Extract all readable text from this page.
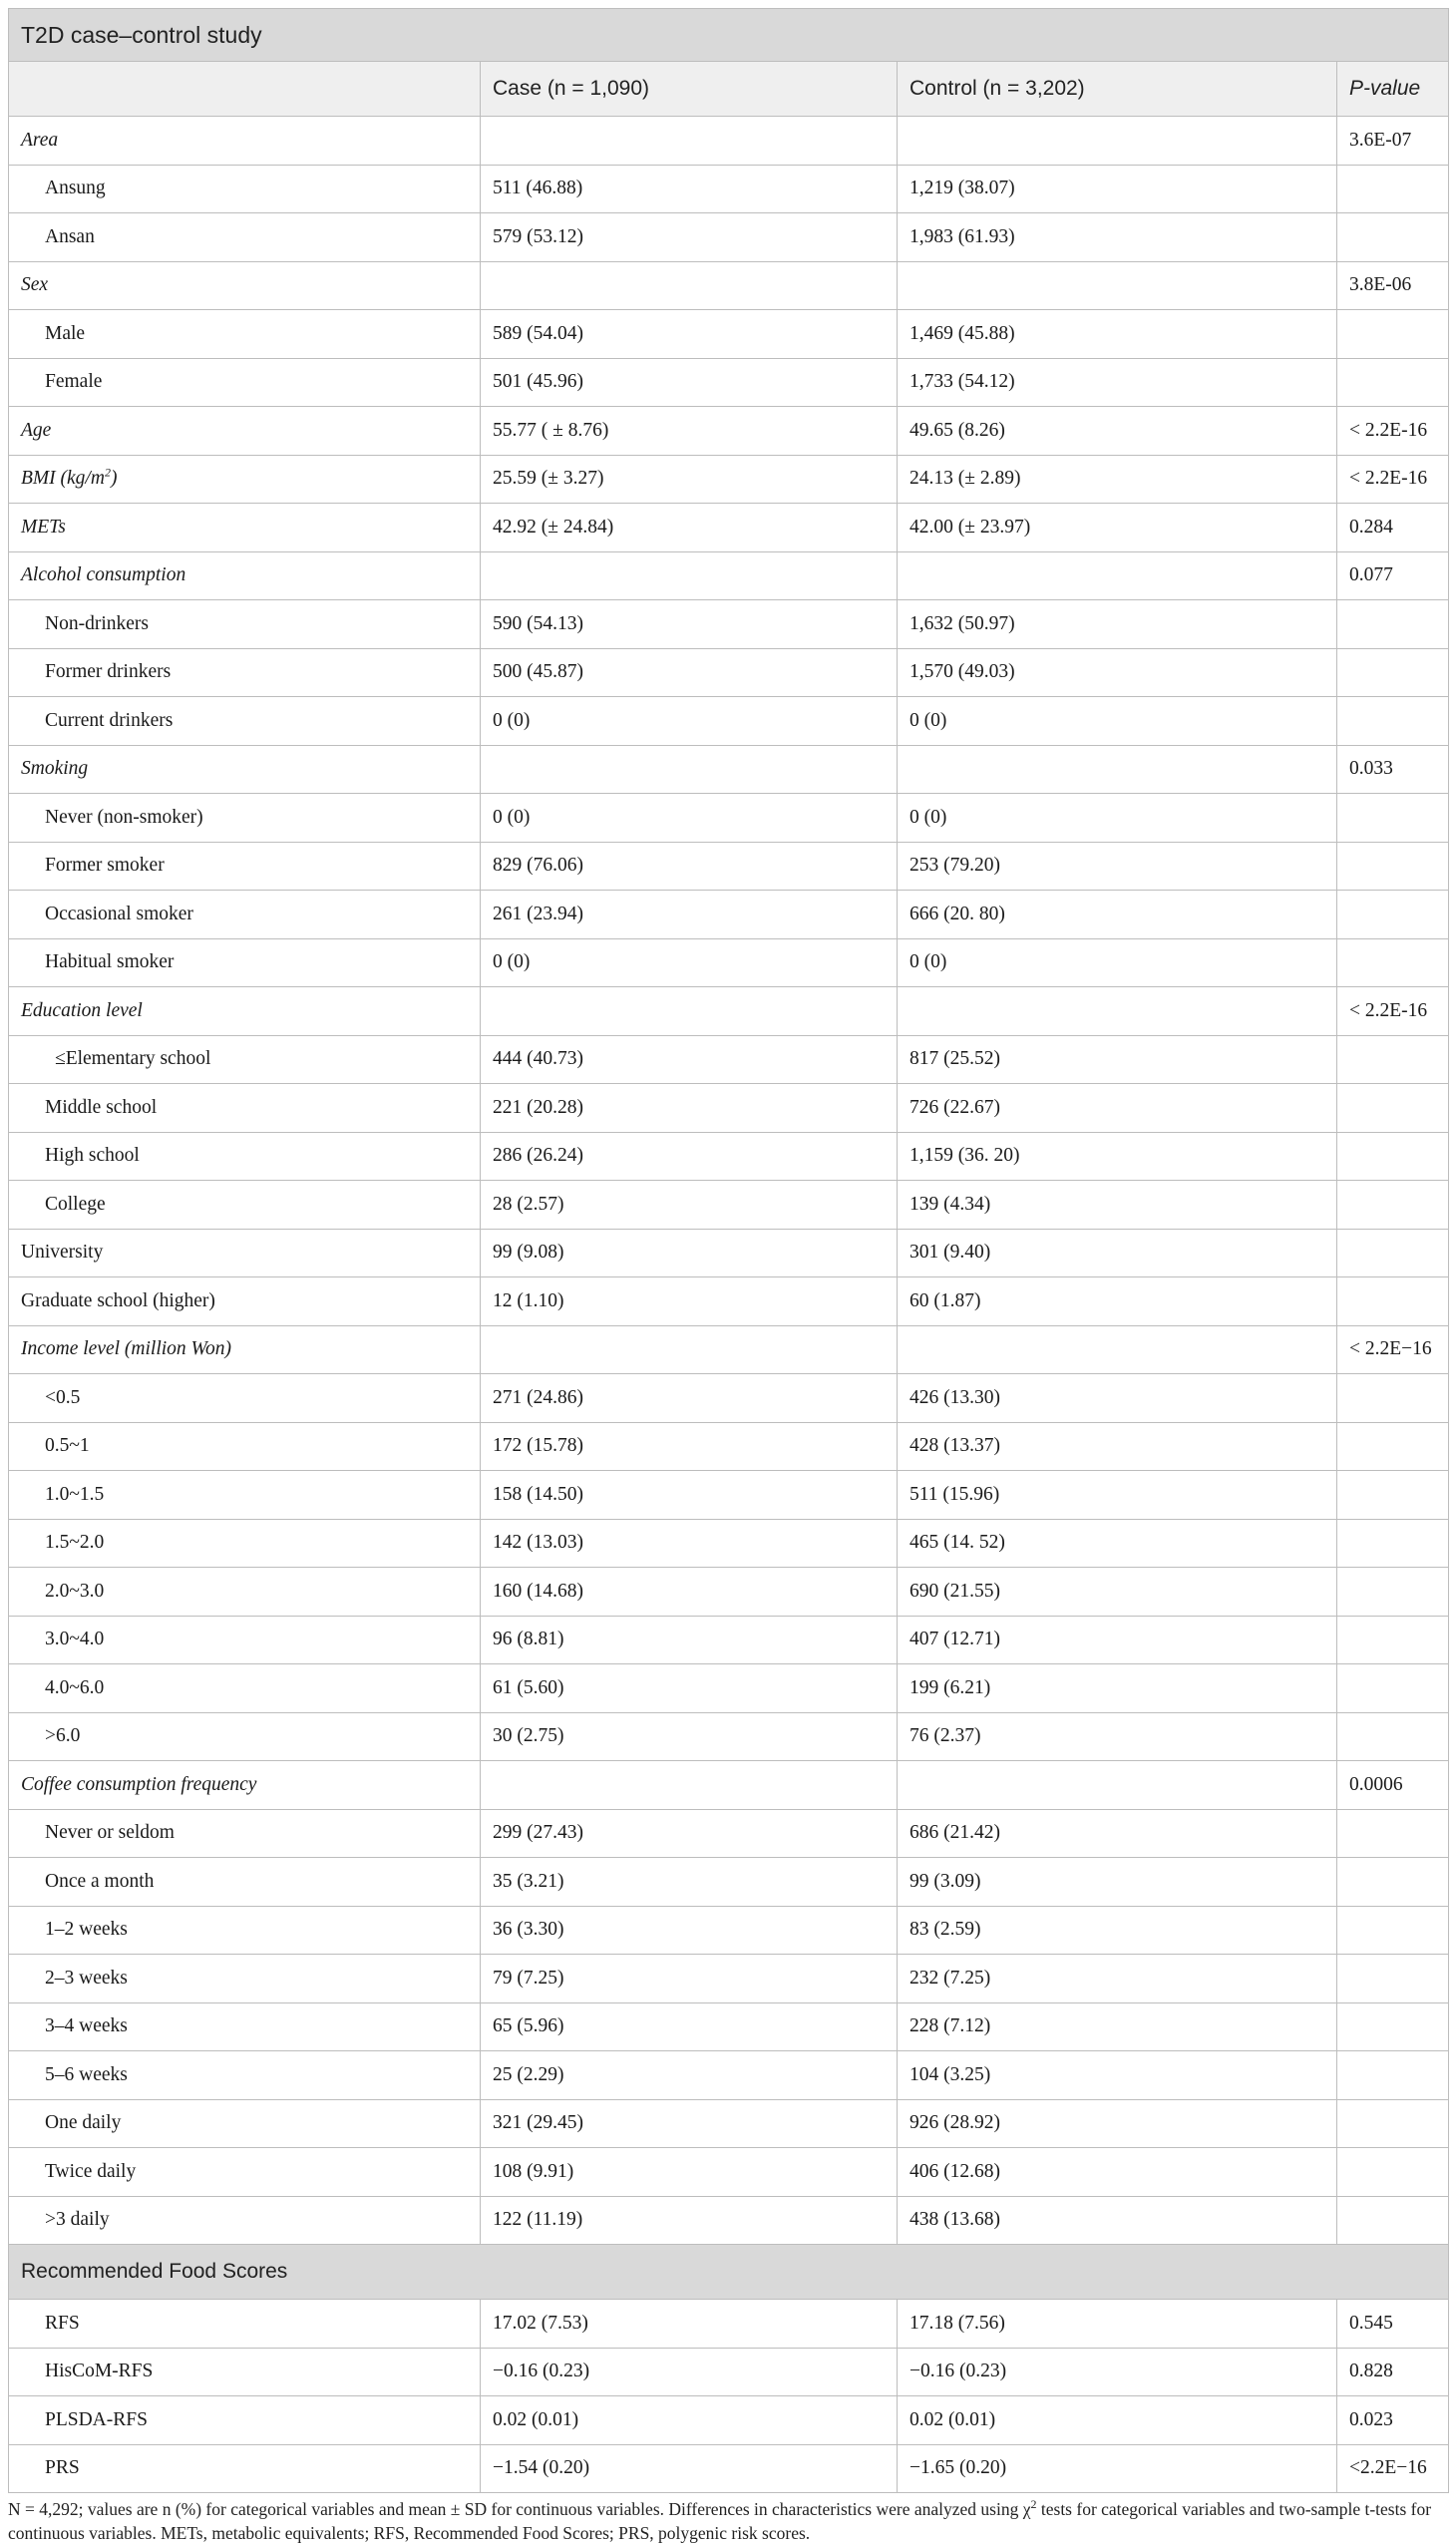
T2D case–control study			
	Case (n = 1,090)	Control (n = 3,202)	P-value
Area			3.6E-07
Ansung	511 (46.88)	1,219 (38.07)	
Ansan	579 (53.12)	1,983 (61.93)	
Sex			3.8E-06
Male	589 (54.04)	1,469 (45.88)	
Female	501 (45.96)	1,733 (54.12)	
Age	55.77 ( ± 8.76)	49.65 (8.26)	< 2.2E-16
BMI $(kg/m^2)$	25.59 (± 3.27)	24.13 (± 2.89)	< 2.2E-16
METs	42.92 (± 24.84)	42.00 (± 23.97)	0.284
Alcohol consumption			0.077
Non-drinkers	590 (54.13)	1,632 (50.97)	
Former drinkers	500 (45.87)	1,570 (49.03)	
Current drinkers	0 (0)	0 (0)	
Smoking			0.033
Never (non-smoker)	0 (0)	0 (0)	
Former smoker	829 (76.06)	253 (79.20)	
Occasional smoker	261 (23.94)	666 (20. 80)	
Habitual smoker	0 (0)	0 (0)	
Education level			< 2.2E-16
≤Elementary school	444 (40.73)	817 (25.52)	
Middle school	221 (20.28)	726 (22.67)	
High school	286 (26.24)	1,159 (36. 20)	
College	28 (2.57)	139 (4.34)	
University	99 (9.08)	301 (9.40)	
Graduate school (higher)	12 (1.10)	60 (1.87)	
Income level (million Won)			< 2.2E−16
<0.5	271 (24.86)	426 (13.30)	
0.5~1	172 (15.78)	428 (13.37)	
1.0~1.5	158 (14.50)	511 (15.96)	
1.5~2.0	142 (13.03)	465 (14. 52)	
2.0~3.0	160 (14.68)	690 (21.55)	
3.0~4.0	96 (8.81)	407 (12.71)	
4.0~6.0	61 (5.60)	199 (6.21)	
>6.0	30 (2.75)	76 (2.37)	
Coffee consumption frequency			0.0006
Never or seldom	299 (27.43)	686 (21.42)	
Once a month	35 (3.21)	99 (3.09)	
1–2 weeks	36 (3.30)	83 (2.59)	
2–3 weeks	79 (7.25)	232 (7.25)	
3–4 weeks	65 (5.96)	228 (7.12)	
5–6 weeks	25 (2.29)	104 (3.25)	
One daily	321 (29.45)	926 (28.92)	
Twice daily	108 (9.91)	406 (12.68)	
>3 daily	122 (11.19)	438 (13.68)	
Recommended Food Scores			
RFS	17.02 (7.53)	17.18 (7.56)	0.545
HisCoM-RFS	−0.16 (0.23)	−0.16 (0.23)	0.828
PLSDA-RFS	0.02 (0.01)	0.02 (0.01)	0.023
PRS	−1.54 (0.20)	−1.65 (0.20)	<2.2E−16
N = 4,292; values are n (%) for categorical variables and mean ± SD for continuous variables. Differences in characteristics were analyzed using $\chi^2$ tests for categorical variables and two-sample t-tests for continuous variables. METs, metabolic equivalents; RFS, Recommended Food Scores; PRS, polygenic risk scores.
